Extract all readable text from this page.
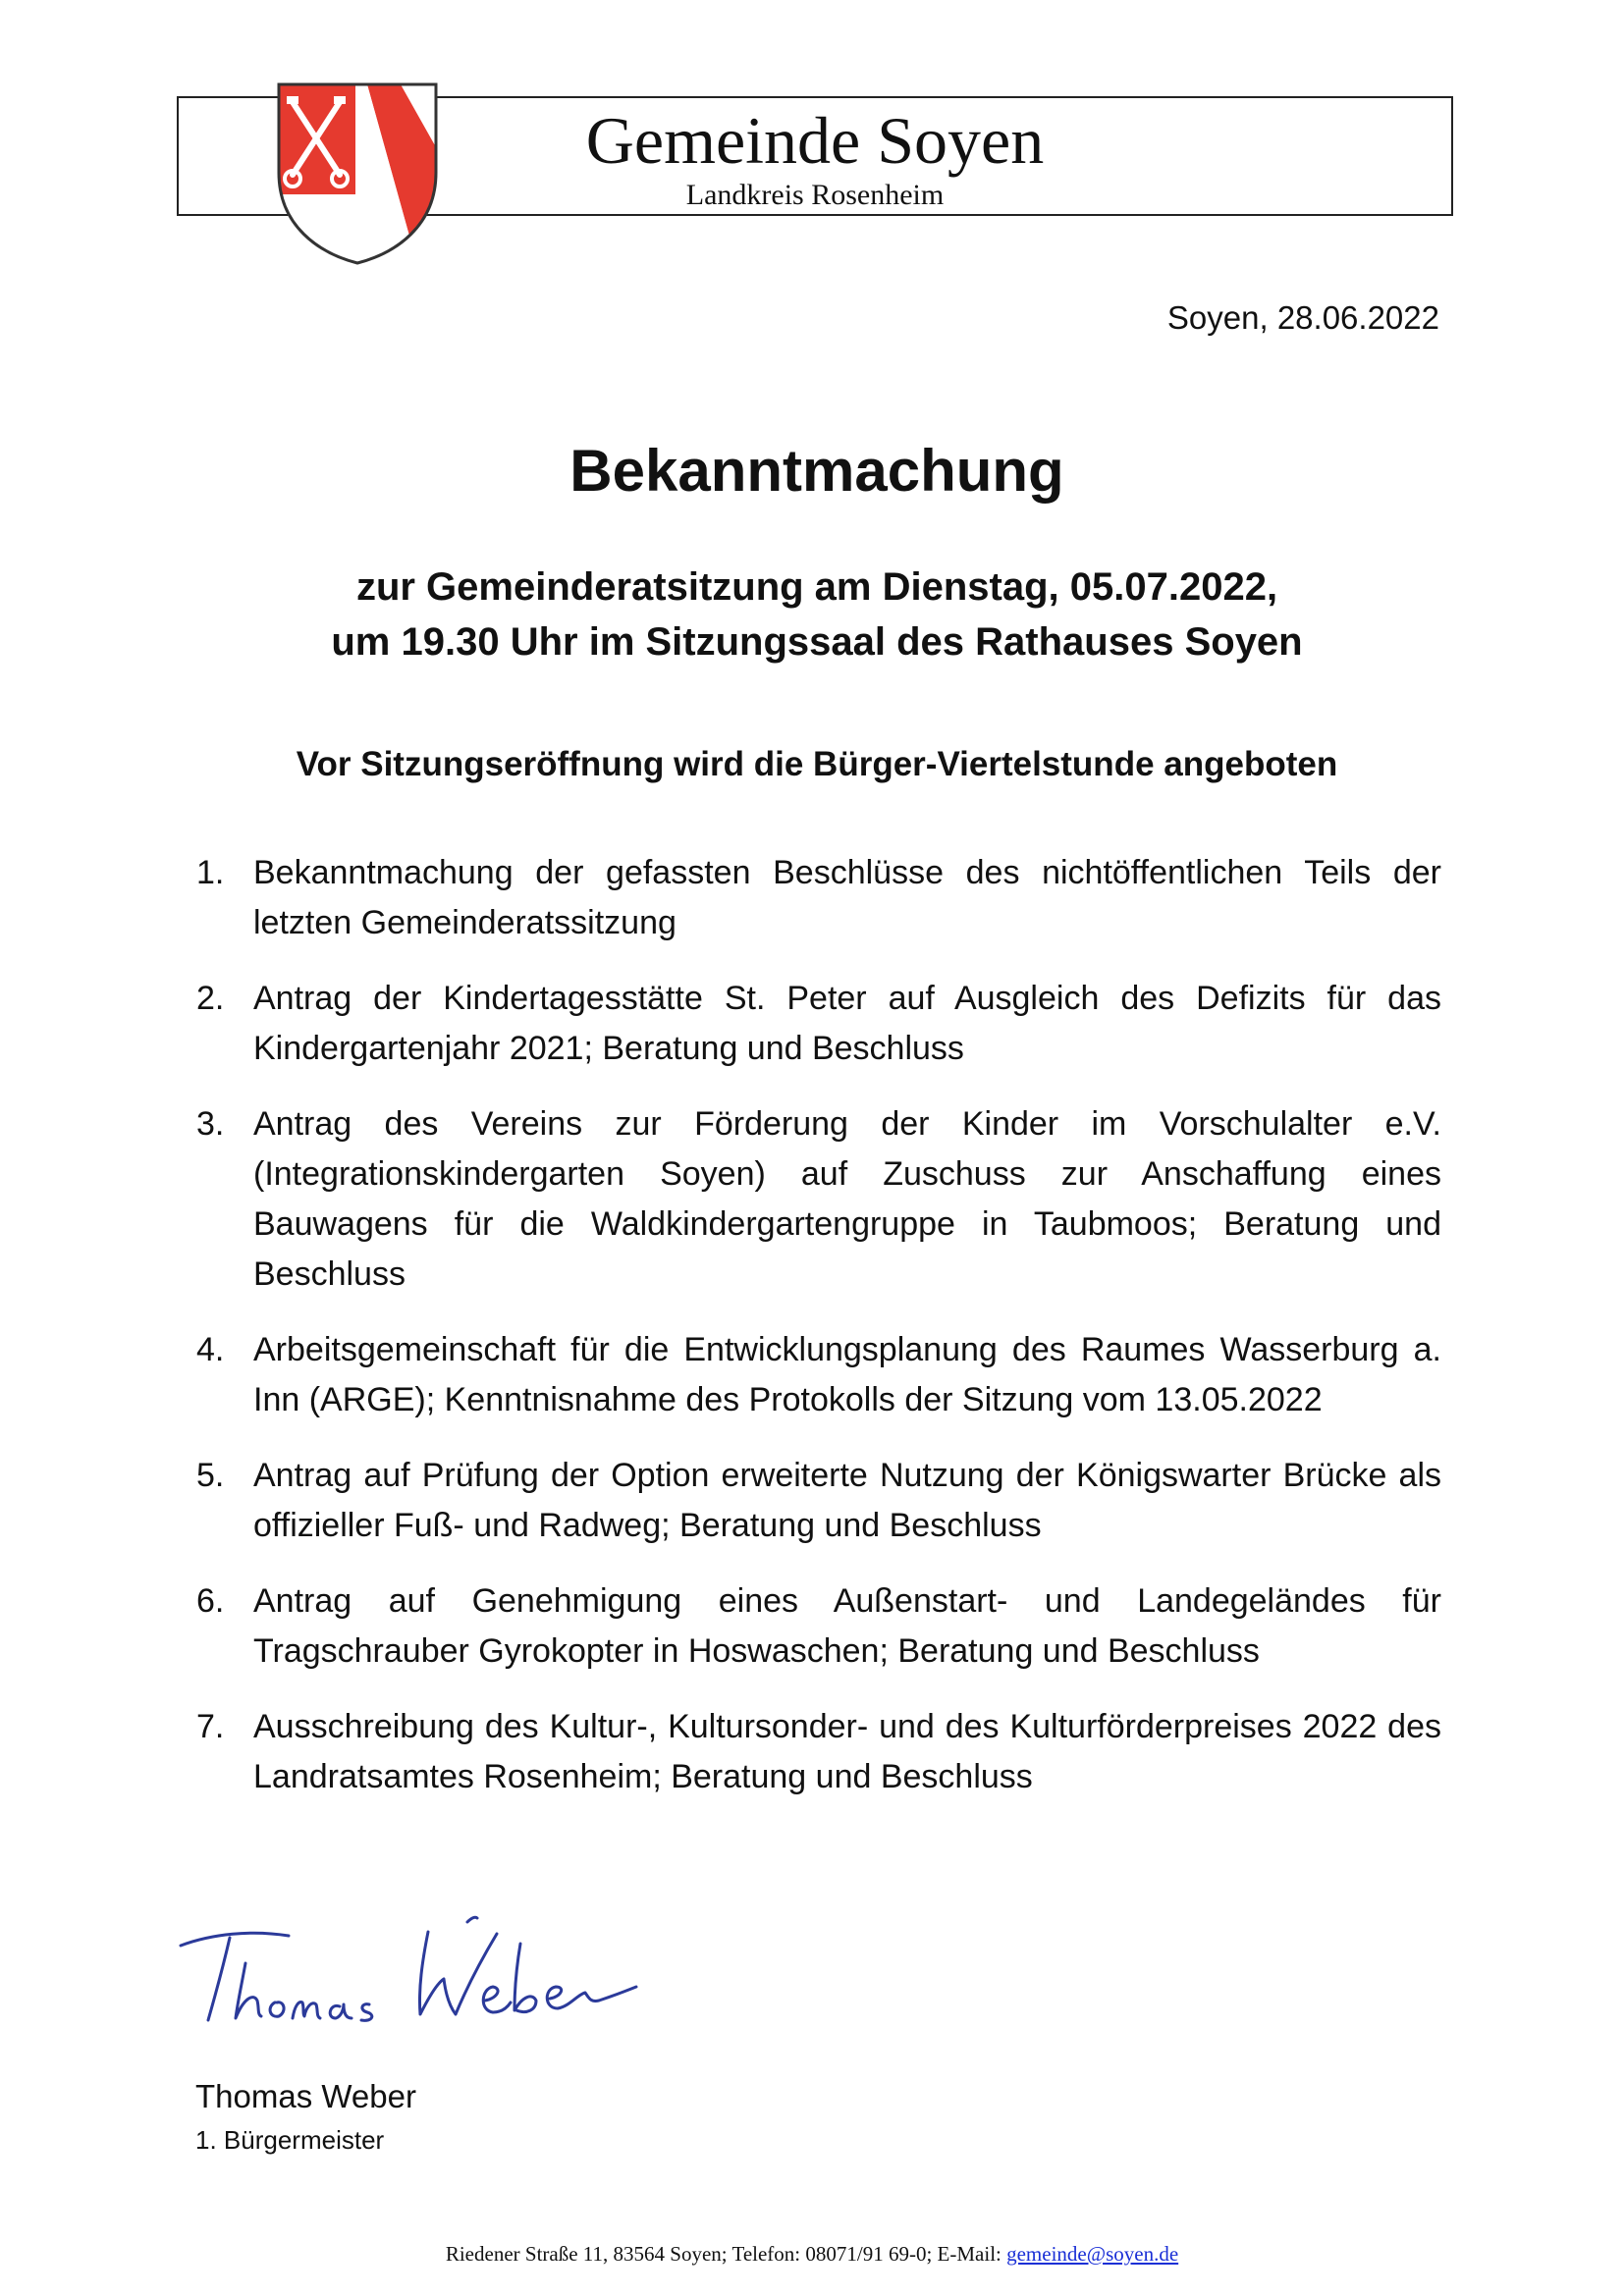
Gemeinde Soyen
Landkreis Rosenheim
Soyen, 28.06.2022
Bekanntmachung
zur Gemeinderatsitzung am Dienstag, 05.07.2022,
um 19.30 Uhr im Sitzungssaal des Rathauses Soyen
Vor Sitzungseröffnung wird die Bürger-Viertelstunde angeboten
1. Bekanntmachung der gefassten Beschlüsse des nichtöffentlichen Teils der letzten Gemeinderatssitzung
2. Antrag der Kindertagesstätte St. Peter auf Ausgleich des Defizits für das Kindergartenjahr 2021; Beratung und Beschluss
3. Antrag des Vereins zur Förderung der Kinder im Vorschulalter e.V. (Integrationskindergarten Soyen) auf Zuschuss zur Anschaffung eines Bauwagens für die Waldkindergartengruppe in Taubmoos; Beratung und Beschluss
4. Arbeitsgemeinschaft für die Entwicklungsplanung des Raumes Wasserburg a. Inn (ARGE); Kenntnisnahme des Protokolls der Sitzung vom 13.05.2022
5. Antrag auf Prüfung der Option erweiterte Nutzung der Königswarter Brücke als offizieller Fuß- und Radweg; Beratung und Beschluss
6. Antrag auf Genehmigung eines Außenstart- und Landegeländes für Tragschrauber Gyrokopter in Hoswaschen; Beratung und Beschluss
7. Ausschreibung des Kultur-, Kultursonder- und des Kulturförderpreises 2022 des Landratsamtes Rosenheim; Beratung und Beschluss
Thomas Weber
1. Bürgermeister
Riedener Straße 11, 83564 Soyen; Telefon: 08071/91 69-0; E-Mail: gemeinde@soyen.de
